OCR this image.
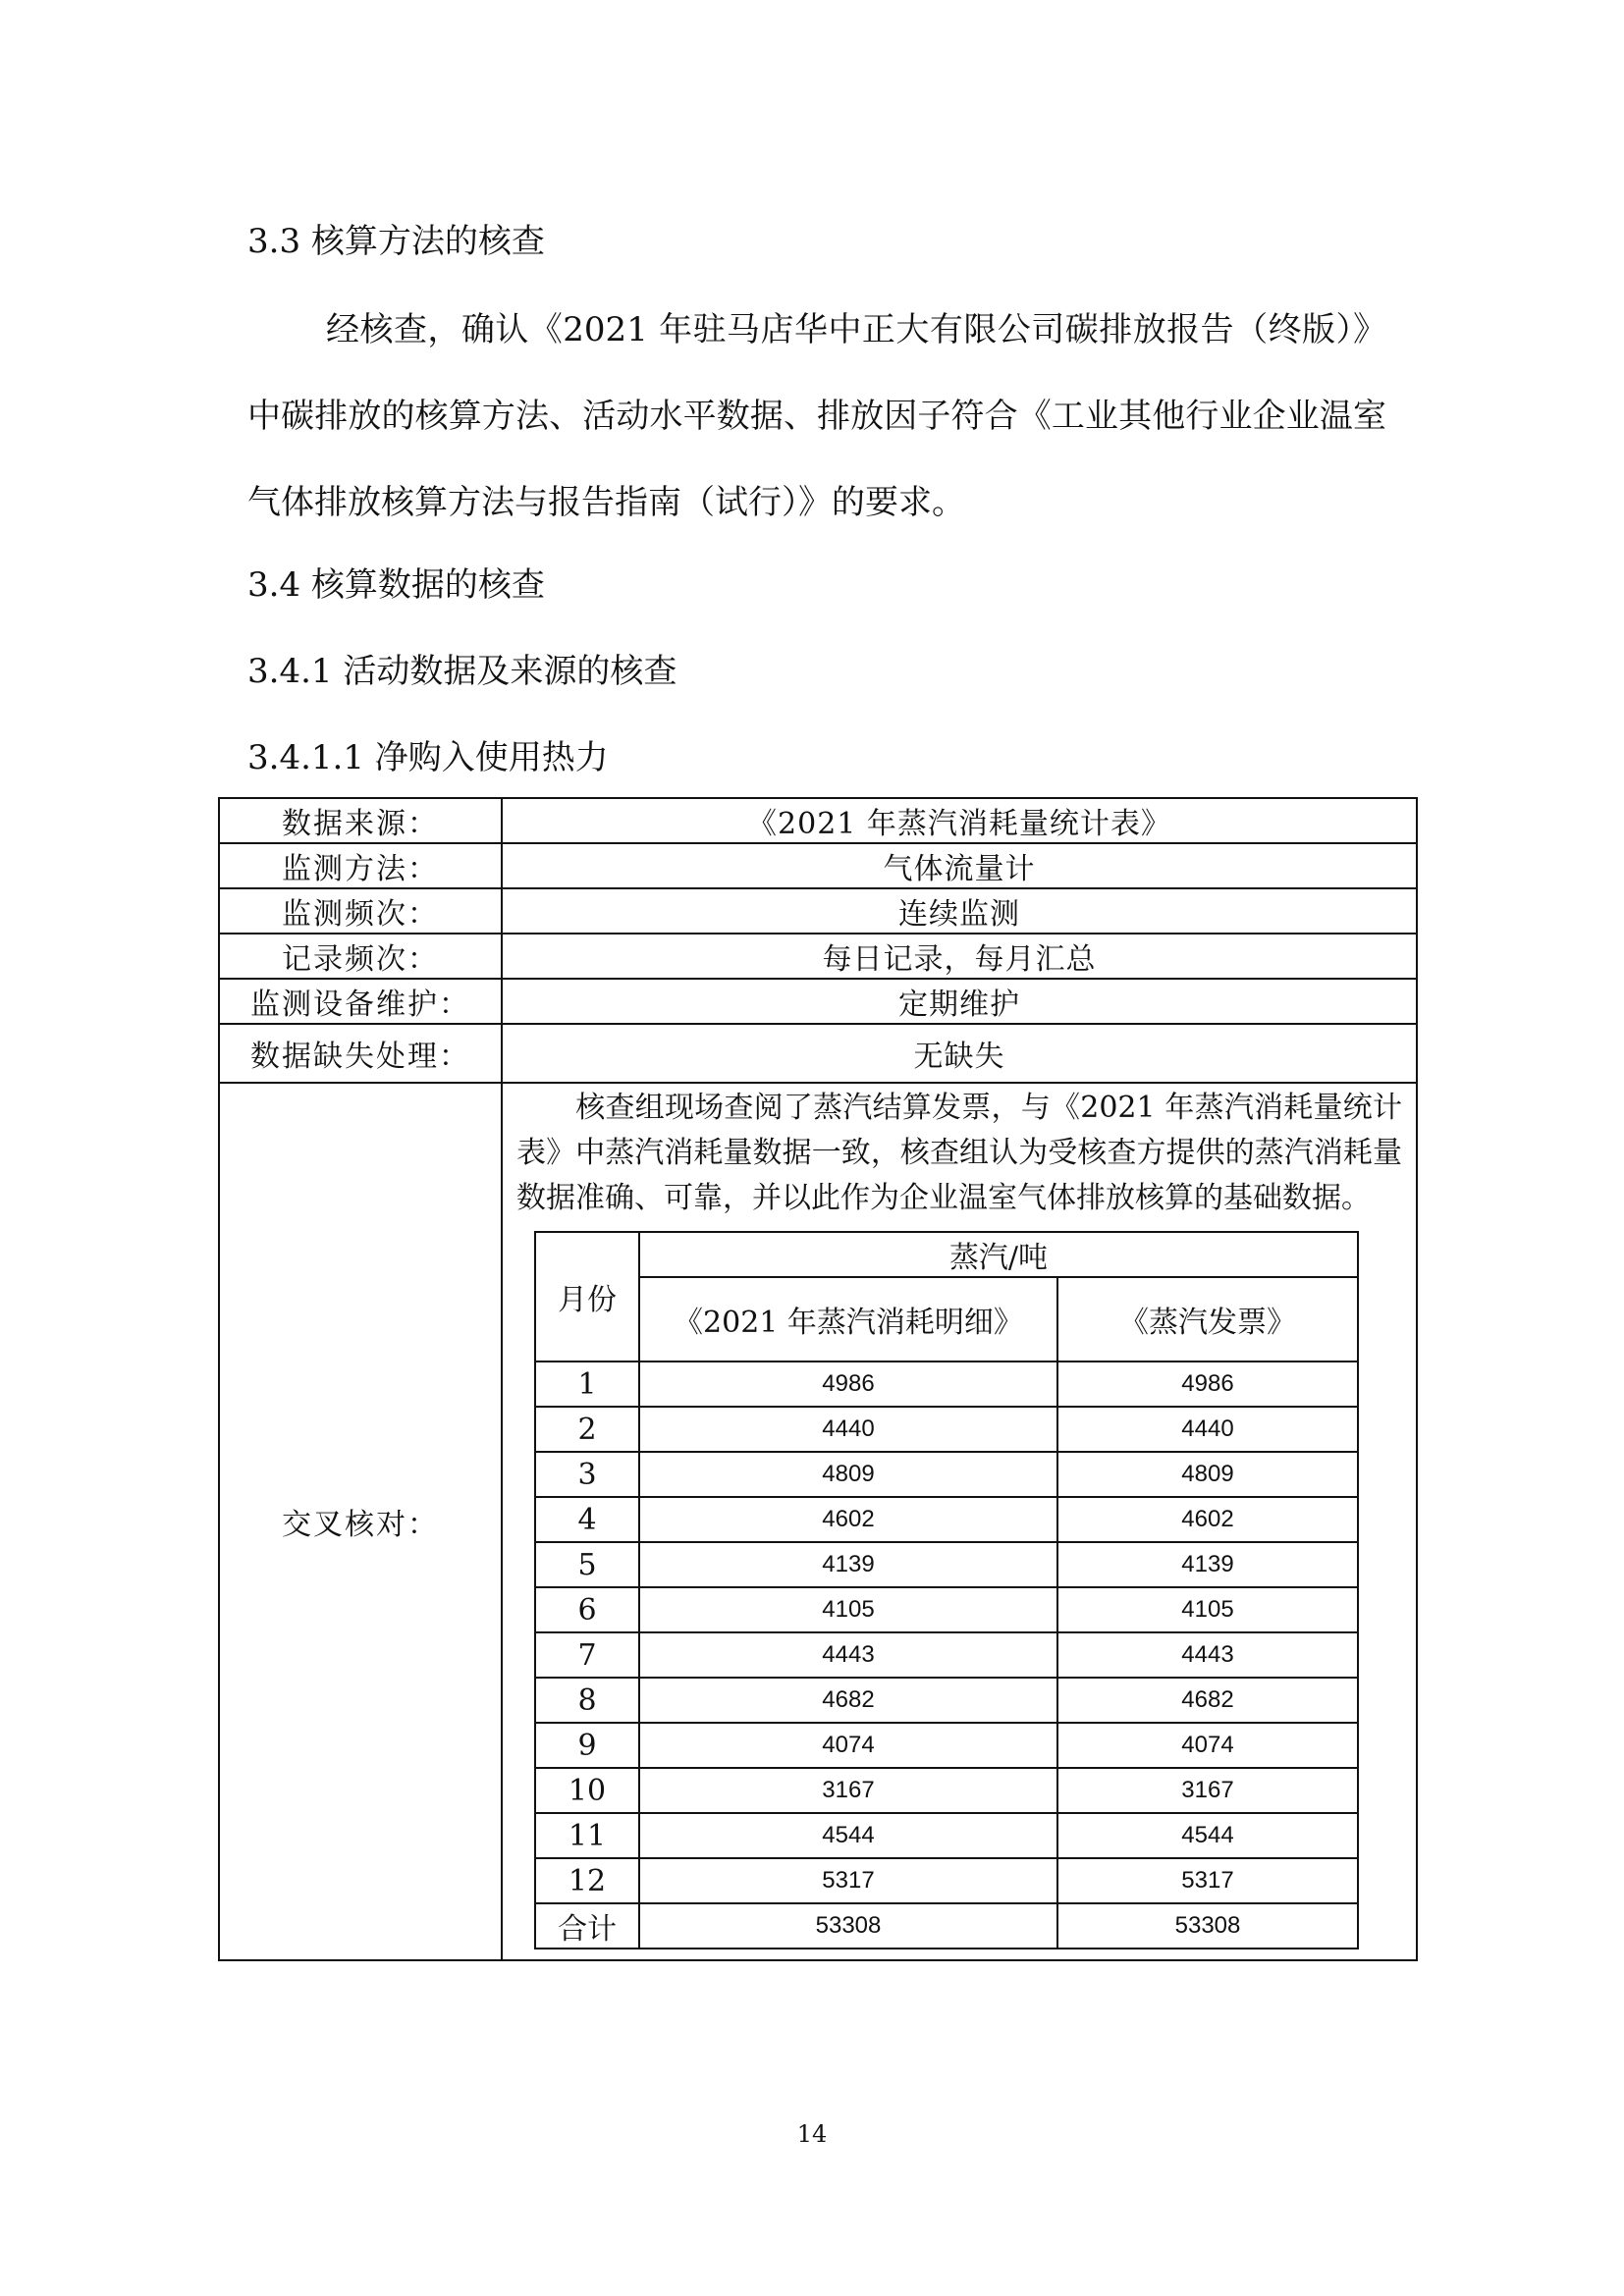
3.3 核算方法的核查

经核查，确认《2021 年驻马店华中正大有限公司碳排放报告（终版）》中碳排放的核算方法、活动水平数据、排放因子符合《工业其他行业企业温室气体排放核算方法与报告指南（试行）》的要求。

3.4 核算数据的核查
3.4.1 活动数据及来源的核查
3.4.1.1 净购入使用热力
数据来源：	《2021 年蒸汽消耗量统计表》
监测方法：	气体流量计
监测频次：	连续监测
记录频次：	每日记录，每月汇总
监测设备维护：	定期维护
数据缺失处理：	无缺失
交叉核对：	
核查组现场查阅了蒸汽结算发票，与《2021 年蒸汽消耗量统计表》中蒸汽消耗量数据一致，核查组认为受核查方提供的蒸汽消耗量数据准确、可靠，并以此作为企业温室气体排放核算的基础数据。
月份	蒸汽/吨
《2021 年蒸汽消耗明细》	《蒸汽发票》
1	4986	4986
2	4440	4440
3	4809	4809
4	4602	4602
5	4139	4139
6	4105	4105
7	4443	4443
8	4682	4682
9	4074	4074
10	3167	3167
11	4544	4544
12	5317	5317
合计	53308	53308
14
